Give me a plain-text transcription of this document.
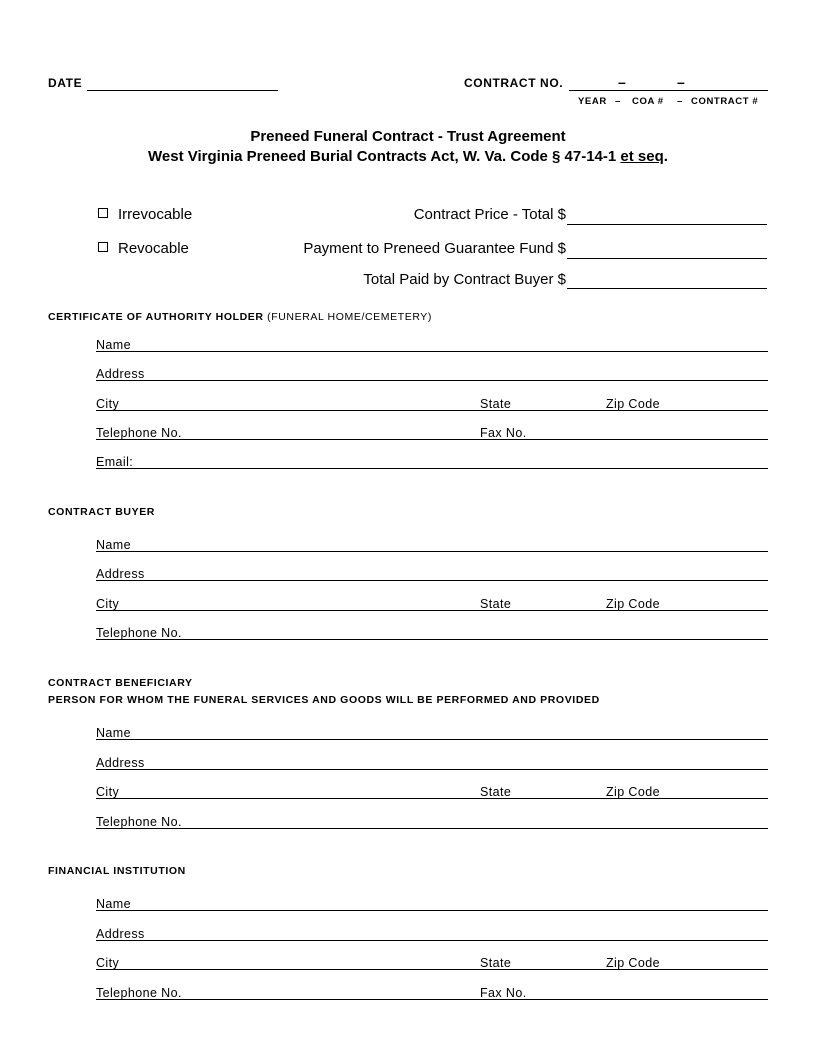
DATE	CONTRACT NO.	–	–
YEAR – COA # – CONTRACT #
Preneed Funeral Contract - Trust Agreement
West Virginia Preneed Burial Contracts Act, W. Va. Code § 47-14-1 et seq.
Irrevocable
Revocable
Contract Price - Total $
Payment to Preneed Guarantee Fund $
Total Paid by Contract Buyer $
CERTIFICATE OF AUTHORITY HOLDER (FUNERAL HOME/CEMETERY)
Name
Address
City	State	Zip Code
Telephone No.	Fax No.
Email:
CONTRACT BUYER
Name
Address
City	State	Zip Code
Telephone No.
CONTRACT BENEFICIARY
PERSON FOR WHOM THE FUNERAL SERVICES AND GOODS WILL BE PERFORMED AND PROVIDED
Name
Address
City	State	Zip Code
Telephone No.
FINANCIAL INSTITUTION
Name
Address
City	State	Zip Code
Telephone No.	Fax No.
